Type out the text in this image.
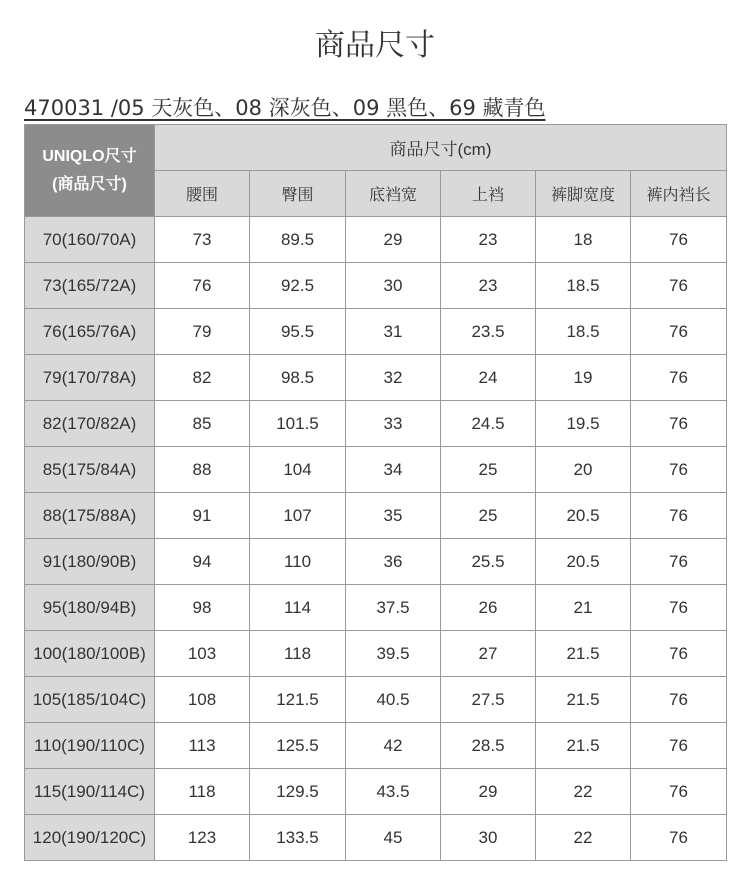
商品尺寸
470031 /05 天灰色、08 深灰色、09 黑色、69 藏青色
UNIQLO尺寸
(商品尺寸)	商品尺寸(cm)					
	腰围	臀围	底裆宽	上裆	裤脚宽度	裤内裆长
70(160/70A)	73	89.5	29	23	18	76
73(165/72A)	76	92.5	30	23	18.5	76
76(165/76A)	79	95.5	31	23.5	18.5	76
79(170/78A)	82	98.5	32	24	19	76
82(170/82A)	85	101.5	33	24.5	19.5	76
85(175/84A)	88	104	34	25	20	76
88(175/88A)	91	107	35	25	20.5	76
91(180/90B)	94	110	36	25.5	20.5	76
95(180/94B)	98	114	37.5	26	21	76
100(180/100B)	103	118	39.5	27	21.5	76
105(185/104C)	108	121.5	40.5	27.5	21.5	76
110(190/110C)	113	125.5	42	28.5	21.5	76
115(190/114C)	118	129.5	43.5	29	22	76
120(190/120C)	123	133.5	45	30	22	76
